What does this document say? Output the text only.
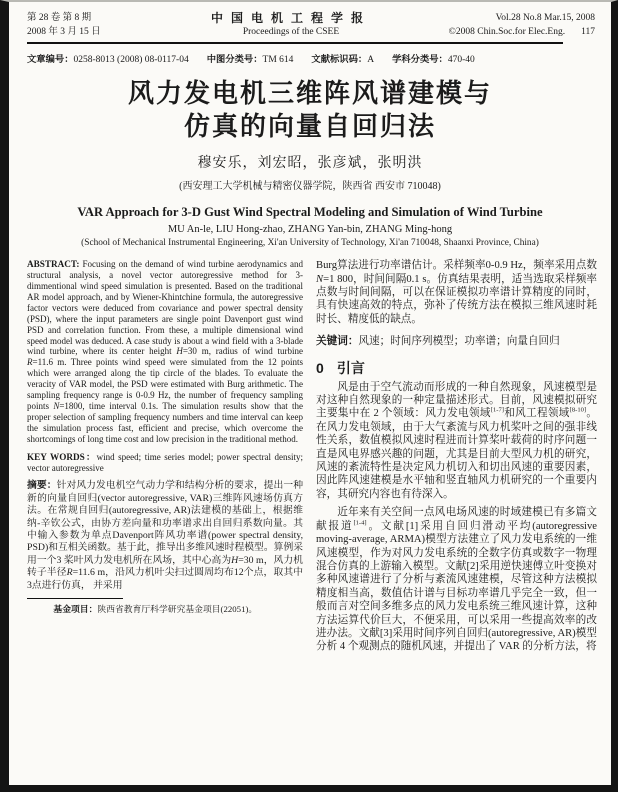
第 28 卷 第 8 期
2008 年 3 月 15 日
中国电机工程学报
Proceedings of the CSEE
Vol.28 No.8 Mar.15, 2008
©2008 Chin.Soc.for Elec.Eng. 117
文章编号：0258-8013 (2008) 08-0117-04 中图分类号：TM 614 文献标识码：A 学科分类号：470-40
风力发电机三维阵风谱建模与
仿真的向量自回归法
穆安乐，刘宏昭，张彦斌，张明洪
(西安理工大学机械与精密仪器学院，陕西省 西安市 710048)
VAR Approach for 3-D Gust Wind Spectral Modeling and Simulation of Wind Turbine
MU An-le, LIU Hong-zhao, ZHANG Yan-bin, ZHANG Ming-hong
(School of Mechanical Instrumental Engineering, Xi'an University of Technology, Xi'an 710048, Shaanxi Province, China)
ABSTRACT: Focusing on the demand of wind turbine aerodynamics and structural analysis, a novel vector autoregressive method for 3-dimmentional wind speed simulation is presented. Based on the traditional AR model approach, and by Wiener-Khintchine formula, the autoregressive factor vectors were deduced from covariance and power spectral density (PSD), where the input parameters are single point Davenport gust wind PSD and correlation function. From these, a multiple dimensional wind speed model was deduced. A case study is about a wind field with a 3-blade wind turbine, where its center height H=30 m, radius of wind turbine R=11.6 m. Three points wind speed were simulated from the 12 points which were arranged along the tip circle of the blades. To evaluate the veracity of VAR model, the PSD were estimated with Burg arithmetic. The sampling frequency range is 0-0.9 Hz, the number of frequency sampling points N=1800, time interval 0.1s. The simulation results show that the proper selection of sampling frequency numbers and time interval can keep the simulation process fast, efficient and precise, which overcome the shortcomings of long time cost and low precision in the traditional method.
KEY WORDS：wind speed; time series model; power spectral density; vector autoregressive
摘要：针对风力发电机空气动力学和结构分析的要求，提出一种新的向量自回归(vector autoregressive, VAR)三维阵风速场仿真方法。在常规自回归(autoregressive, AR)法建模的基础上，根据维纳-辛钦公式，由协方差向量和功率谱求出自回归系数向量。其中输入参数为单点Davenport阵风功率谱(power spectral density, PSD)和互相关函数。基于此，推导出多维风速时程模型。算例采用一个3 桨叶风力发电机所在风场，其中心高为H=30 m，风力机转子半径R=11.6 m，沿风力机叶尖扫过圆周均布12个点，取其中3点进行仿真， 并采用
基金项目：陕西省教育厅科学研究基金项目(22051)。
Burg算法进行功率谱估计。采样频率0-0.9 Hz，频率采用点数N=1 800，时间间隔0.1 s。仿真结果表明，适当选取采样频率点数与时间间隔，可以在保证模拟功率谱计算精度的同时，具有快速高效的特点，弥补了传统方法在模拟三维风速时耗时长、精度低的缺点。
关键词：风速；时间序列模型；功率谱；向量自回归
0 引言
风是由于空气流动而形成的一种自然现象，风速模型是对这种自然现象的一种定量描述形式。目前，风速模拟研究主要集中在 2 个领域：风力发电领域[1-7]和风工程领域[8-10]。在风力发电领域，由于大气紊流与风力机桨叶之间的强非线性关系，数值模拟风速时程进而计算桨叶载荷的时序问题一直是风电界感兴趣的问题，尤其是目前大型风力机的研究，风速的紊流特性是决定风力机切入和切出风速的重要因素，因此阵风速建模是水平轴和竖直轴风力机研究的一个重要内容，其研究内容也有待深入。
近年来有关空间一点风电场风速的时域建模已有多篇文献报道[1-4]。文献[1]采用自回归滑动平均(autoregressive moving-average, ARMA)模型方法建立了风力发电系统的一维风速模型，作为对风力发电系统的全数字仿真或数字一物理混合仿真的上游输入模型。文献[2]采用逆快速傅立叶变换对多种风速谱进行了分析与紊流风速建模，尽管这种方法模拟精度相当高，数值估计谱与目标功率谱几乎完全一致，但一般而言对空间多维多点的风力发电系统三维风速计算，这种方法运算代价巨大，不便采用，可以采用一些提高效率的改进办法。文献[3]采用时间序列自回归(autoregressive, AR)模型分析 4 个观测点的随机风速，并提出了 VAR 的分析方法，将
